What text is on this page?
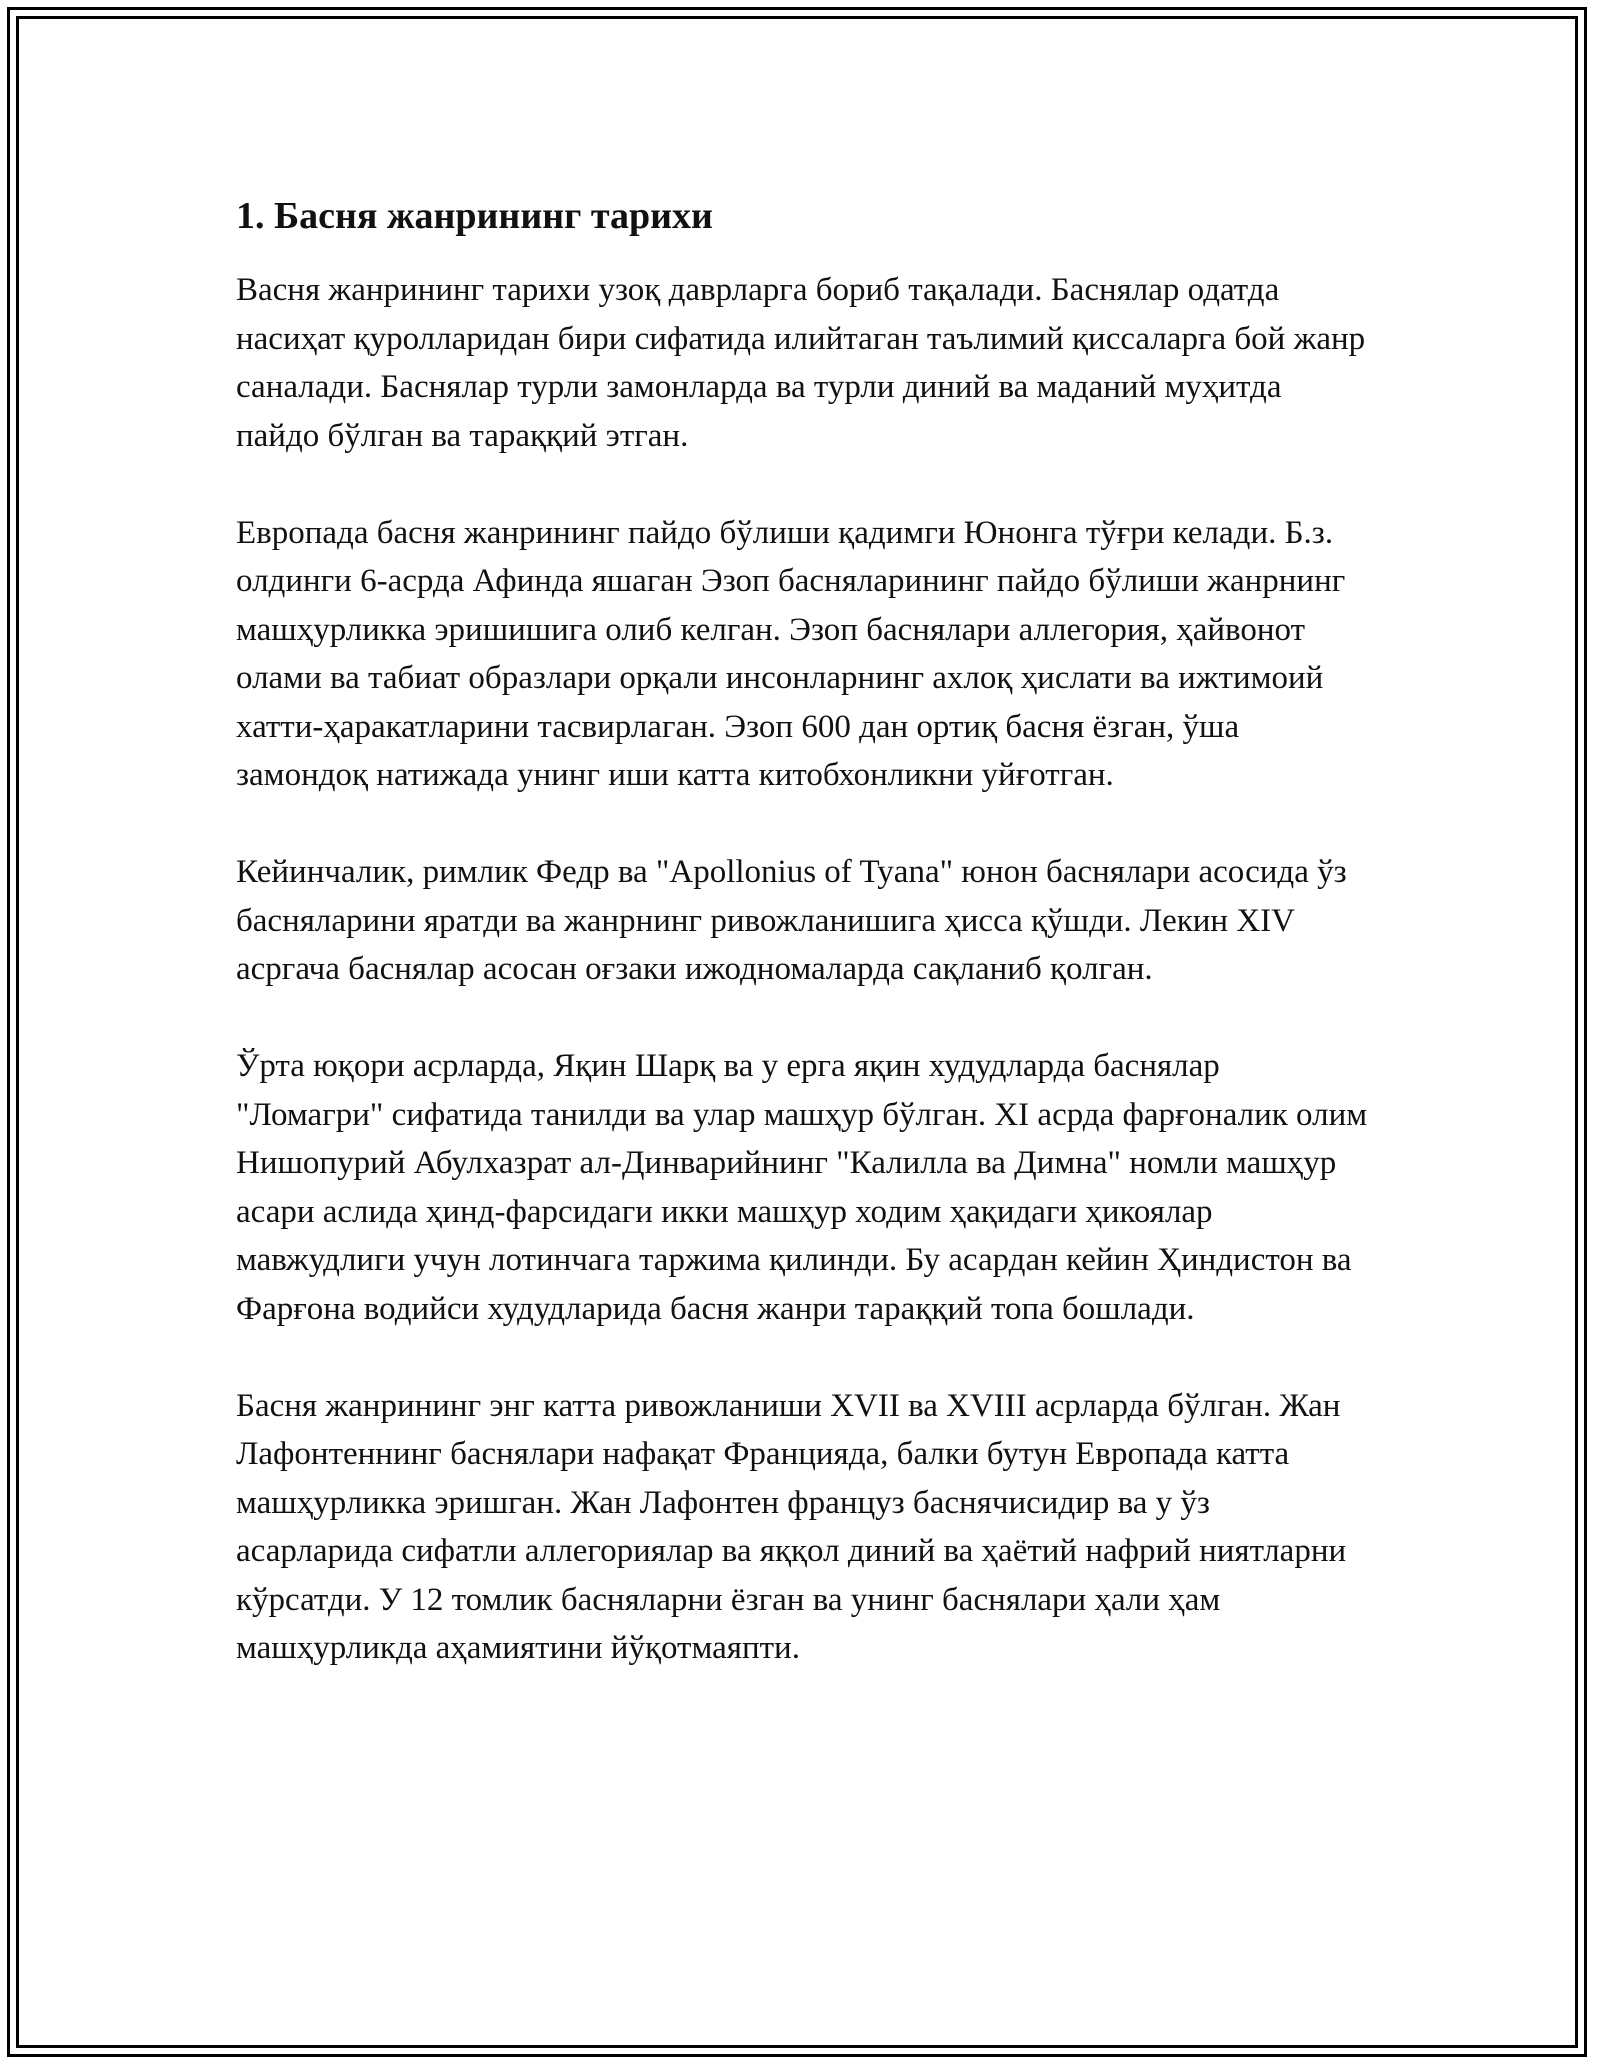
1. Басня жанрининг тарихи

Васня жанрининг тарихи узоқ даврларга бориб тақалади. Баснялар одатда насиҳат қуролларидан бири сифатида илийтаган таълимий қиссаларга бой жанр саналади. Баснялар турли замонларда ва турли диний ва маданий муҳитда пайдо бўлган ва тараққий этган.

Европада басня жанрининг пайдо бўлиши қадимги Юнонга тўғри келади. Б.з. олдинги 6-асрда Афинда яшаган Эзоп басняларининг пайдо бўлиши жанрнинг машҳурликка эришишига олиб келган. Эзоп баснялари аллегория, ҳайвонот олами ва табиат образлари орқали инсонларнинг ахлоқ ҳислати ва ижтимоий хатти-ҳаракатларини тасвирлаган. Эзоп 600 дан ортиқ басня ёзган, ўша замондоқ натижада унинг иши катта китобхонликни уйғотган.

Кейинчалик, римлик Федр ва "Apollonius of Tyana" юнон баснялари асосида ўз басняларини яратди ва жанрнинг ривожланишига ҳисса қўшди. Лекин XIV асргача баснялар асосан оғзаки ижодномаларда сақланиб қолган.

Ўрта юқори асрларда, Яқин Шарқ ва у ерга яқин худудларда баснялар "Ломагри" сифатида танилди ва улар машҳур бўлган. XI асрда фарғоналик олим Нишопурий Абулхазрат ал-Динварийнинг "Калилла ва Димна" номли машҳур асари аслида ҳинд-фарсидаги икки машҳур ходим ҳақидаги ҳикоялар мавжудлиги учун лотинчага таржима қилинди. Бу асардан кейин Ҳиндистон ва Фарғона водийси худудларида басня жанри тараққий топа бошлади.

Басня жанрининг энг катта ривожланиши XVII ва XVIII асрларда бўлган. Жан Лафонтеннинг баснялари нафақат Францияда, балки бутун Европада катта машҳурликка эришган. Жан Лафонтен француз баснячисидир ва у ўз асарларида сифатли аллегориялар ва яққол диний ва ҳаётий нафрий ниятларни кўрсатди. У 12 томлик басняларни ёзган ва унинг баснялари ҳали ҳам машҳурликда аҳамиятини йўқотмаяпти.
